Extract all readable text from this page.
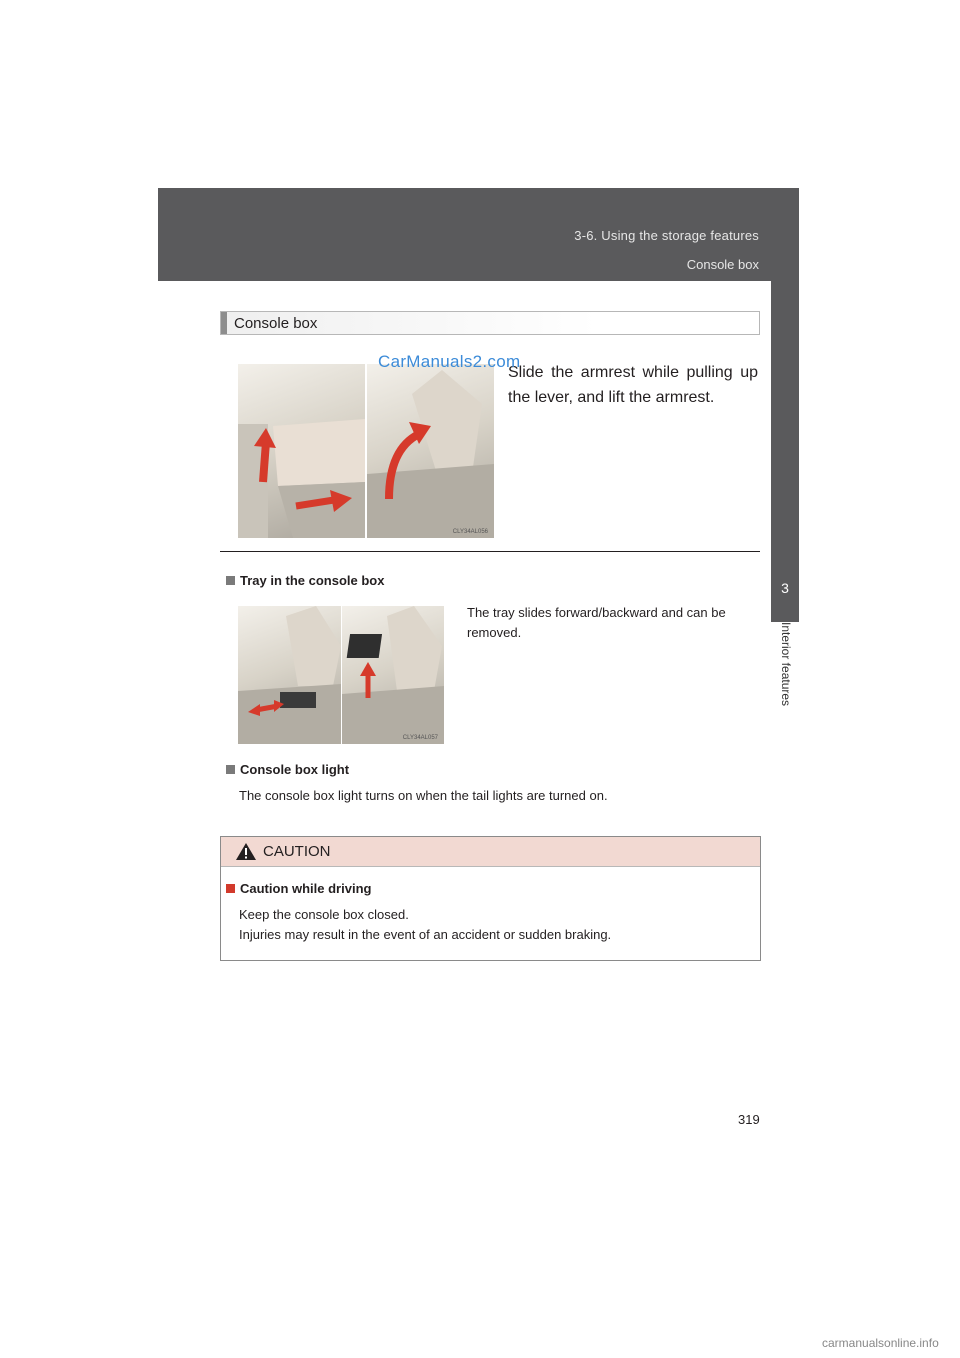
3-6. Using the storage features
Console box
3
Interior features
Console box
CLY34AL056
Slide the armrest while pulling up the lever, and lift the armrest.
Tray in the console box
CLY34AL057
The tray slides forward/backward and can be removed.
Console box light
The console box light turns on when the tail lights are turned on.
CAUTION
Caution while driving
Keep the console box closed.
Injuries may result in the event of an accident or sudden braking.
319
CarManuals2.com
carmanualsonline.info
